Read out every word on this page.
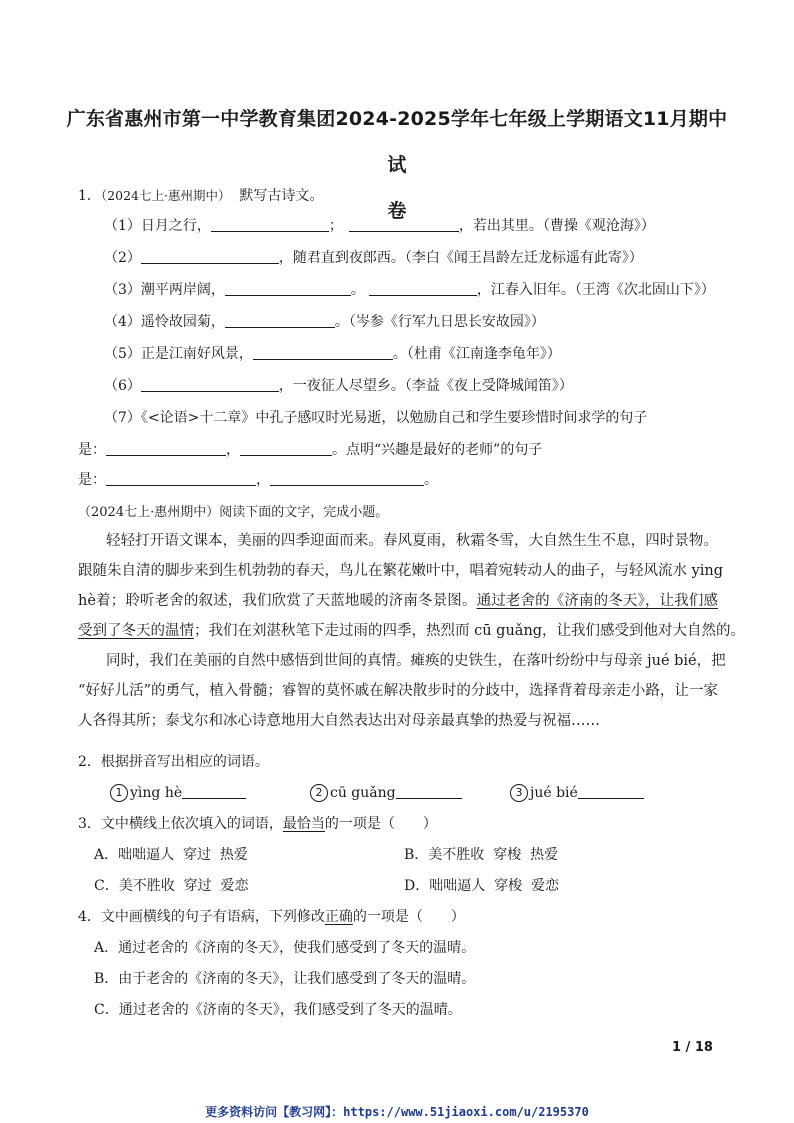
广东省惠州市第一中学教育集团2024-2025学年七年级上学期语文11月期中试
卷
1．（2024七上·惠州期中） 默写古诗文。
（1）日月之行，	；	，若出其里。（曹操《观沧海》）
（2）	，随君直到夜郎西。（李白《闻王昌龄左迁龙标遥有此寄》）
（3）潮平两岸阔，	。	，江春入旧年。（王湾《次北固山下》）
（4）遥怜故园菊，	。（岑参《行军九日思长安故园》）
（5）正是江南好风景，	。（杜甫《江南逢李龟年》）
（6）	，一夜征人尽望乡。（李益《夜上受降城闻笛》）
（7）《<论语>十二章》中孔子感叹时光易逝，以勉励自己和学生要珍惜时间求学的句子
是：	，	。点明“兴趣是最好的老师”的句子
是：	，	。
（2024七上·惠州期中）阅读下面的文字，完成小题。
轻轻打开语文课本，美丽的四季迎面而来。春风夏雨，秋霜冬雪，大自然生生不息，四时景物。
跟随朱自清的脚步来到生机勃勃的春天，鸟儿在繁花嫩叶中，唱着宛转动人的曲子，与轻风流水 ying
hè着；聆听老舍的叙述，我们欣赏了天蓝地暖的济南冬景图。通过老舍的《济南的冬天》，让我们感
受到了冬天的温情；我们在刘湛秋笔下走过雨的四季，热烈而 cū guǎng，让我们感受到他对大自然的。
同时，我们在美丽的自然中感悟到世间的真情。瘫痪的史铁生，在落叶纷纷中与母亲 jué bié，把
“好好儿活”的勇气，植入骨髓；睿智的莫怀戚在解决散步时的分歧中，选择背着母亲走小路，让一家
人各得其所；泰戈尔和冰心诗意地用大自然表达出对母亲最真挚的热爱与祝福……
2．根据拼音写出相应的词语。
1 yìng hè	2 cū guǎng	3 jué bié
3．文中横线上依次填入的词语，最恰当的一项是（　　）
A．咄咄逼人  穿过  热爱	B．美不胜收  穿梭  热爱
C．美不胜收  穿过  爱恋	D．咄咄逼人  穿梭  爱恋
4．文中画横线的句子有语病，下列修改正确的一项是（　　）
A．通过老舍的《济南的冬天》，使我们感受到了冬天的温晴。
B．由于老舍的《济南的冬天》，让我们感受到了冬天的温晴。
C．通过老舍的《济南的冬天》，我们感受到了冬天的温晴。
1 / 18
更多资料访问【教习网】：https://www.51jiaoxi.com/u/2195370
